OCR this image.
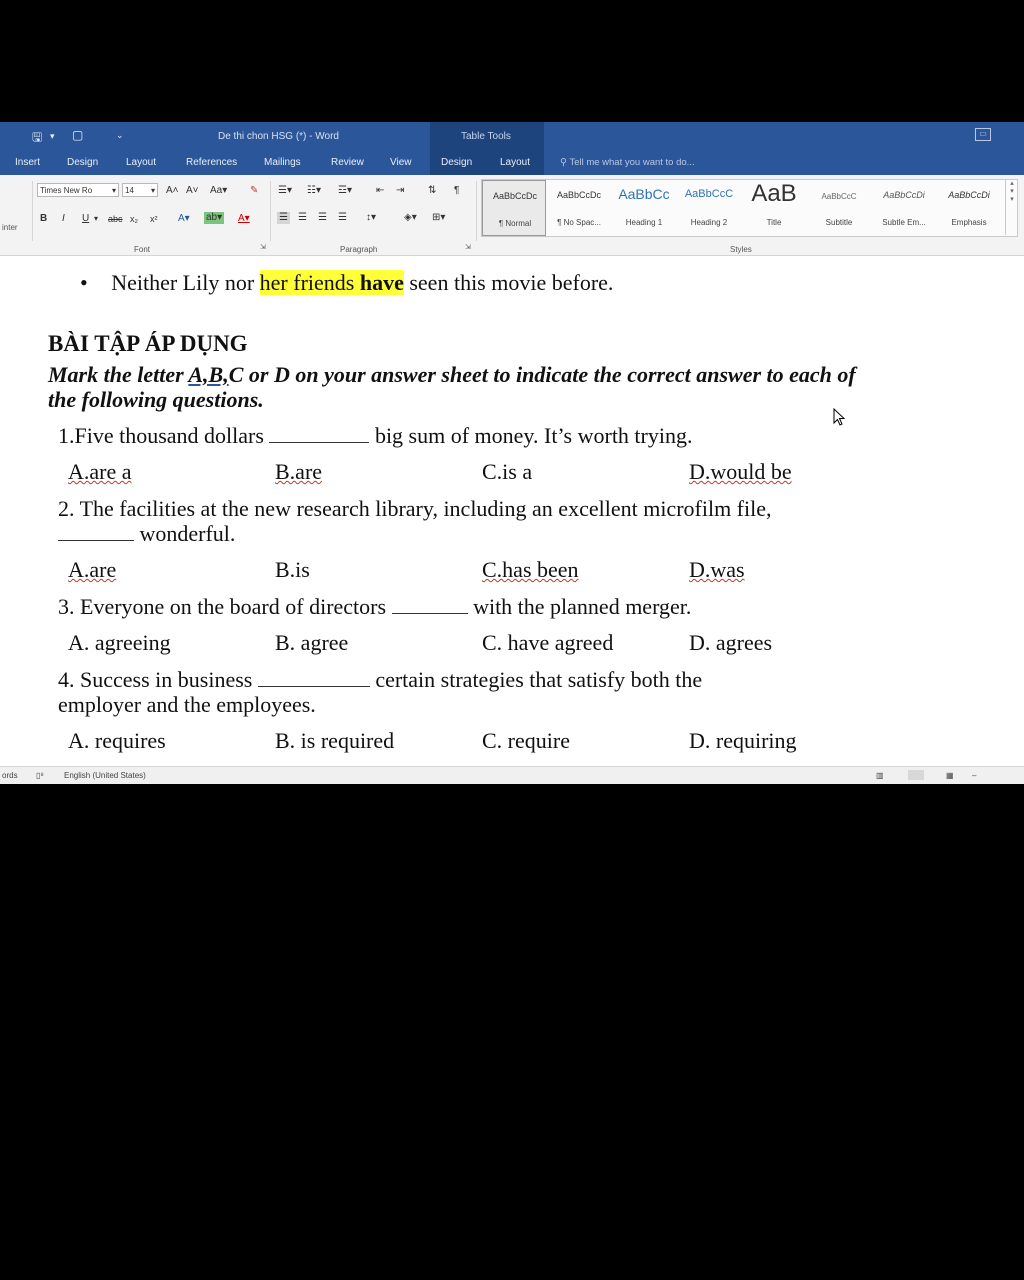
🖫 ▾ ▢	⌄	De thi chon HSG (*) - Word	Table Tools	▭
Insert	Design	Layout	References	Mailings	Review	View	Design	Layout	⚲ Tell me what you want to do...
inter
Times New Ro ▾	14 ▾ A˄ A˅ Aa▾ ✎
B I U ▾ abc x₂ x² A▾ ab▾ A▾
Font	⇲
☰▾ ☷▾ ☲▾ ⇤ ⇥ ⇅ ¶
☰ ☰ ☰ ☰ ↕▾	◈▾ ⊞▾
Paragraph	⇲
AaBbCcDc
¶ Normal
AaBbCcDc
¶ No Spac...
AaBbCc
Heading 1
AaBbCcC
Heading 2
AaB
Title
AaBbCcC
Subtitle
AaBbCcDi
Subtle Em...
AaBbCcDi
Emphasis
▴
▾
▾
Styles
• Neither Lily nor her friends have seen this movie before.
BÀI TẬP ÁP DỤNG
Mark the letter A,B,C or D on your answer sheet to indicate the correct answer to each of
the following questions.
1.Five thousand dollars	big sum of money. It’s worth trying.
A.are a	B.are	C.is a	D.would be
2. The facilities at the new research library, including an excellent microfilm file,
wonderful.
A.are	B.is	C.has been	D.was
3. Everyone on the board of directors	with the planned merger.
A. agreeing	B. agree	C. have agreed	D. agrees
4. Success in business	certain strategies that satisfy both the
employer and the employees.
A. requires	B. is required	C. require	D. requiring
ords ▯⁸	English (United States)	▥	▦ –
